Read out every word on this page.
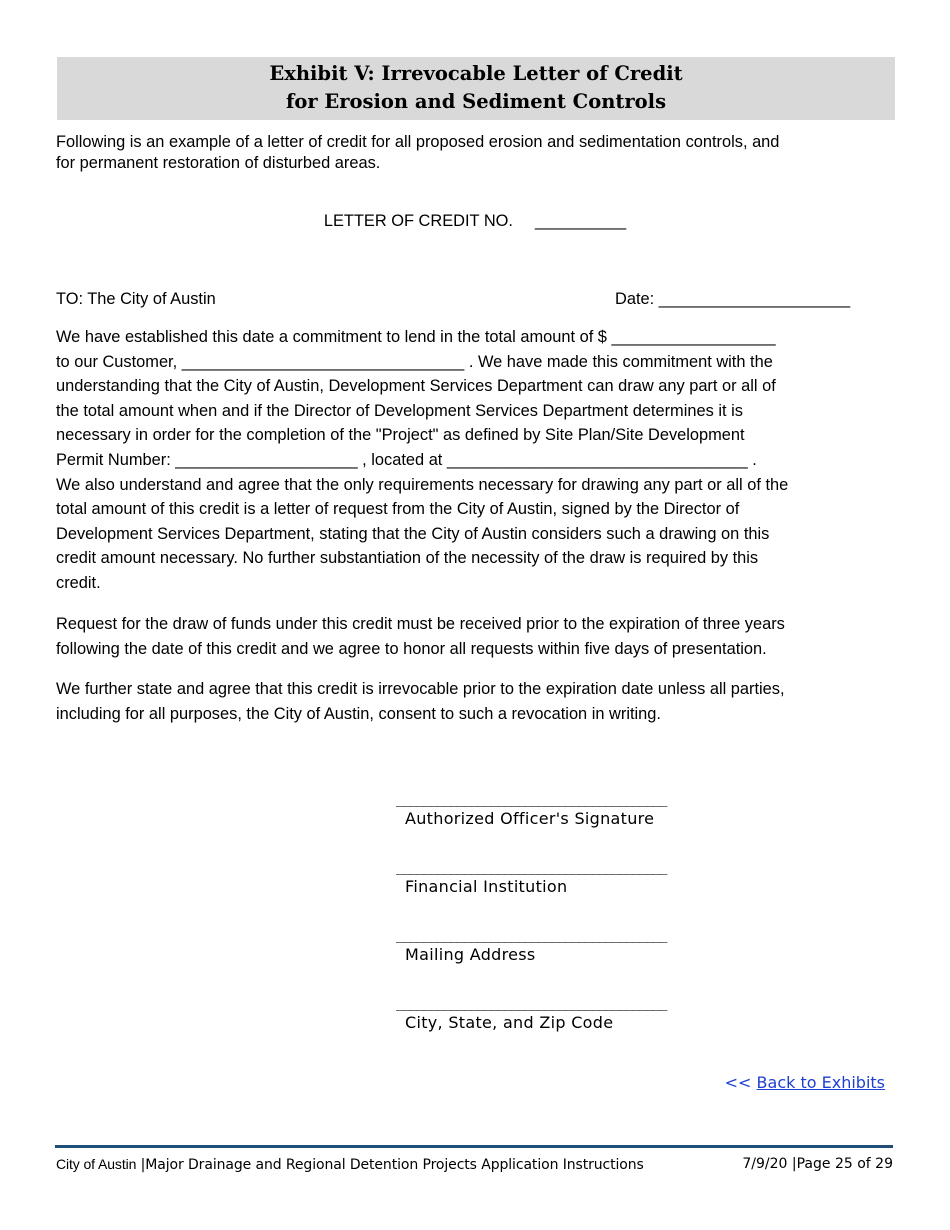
Exhibit V: Irrevocable Letter of Credit
for Erosion and Sediment Controls
Following is an example of a letter of credit for all proposed erosion and sedimentation controls, and
for permanent restoration of disturbed areas.
LETTER OF CREDIT NO. __________
TO: The City of Austin	Date: _____________________
We have established this date a commitment to lend in the total amount of $ __________________
to our Customer, _______________________________ . We have made this commitment with the
understanding that the City of Austin, Development Services Department can draw any part or all of
the total amount when and if the Director of Development Services Department determines it is
necessary in order for the completion of the "Project" as defined by Site Plan/Site Development
Permit Number: ____________________ , located at _________________________________ .
We also understand and agree that the only requirements necessary for drawing any part or all of the
total amount of this credit is a letter of request from the City of Austin, signed by the Director of
Development Services Department, stating that the City of Austin considers such a drawing on this
credit amount necessary. No further substantiation of the necessity of the draw is required by this
credit.
Request for the draw of funds under this credit must be received prior to the expiration of three years
following the date of this credit and we agree to honor all requests within five days of presentation.
We further state and agree that this credit is irrevocable prior to the expiration date unless all parties,
including for all purposes, the City of Austin, consent to such a revocation in writing.
________________________________________
Authorized Officer's Signature
________________________________________
Financial Institution
________________________________________
Mailing Address
________________________________________
City, State, and Zip Code
<< Back to Exhibits
City of Austin |Major Drainage and Regional Detention Projects Application Instructions	7/9/20 |Page 25 of 29
